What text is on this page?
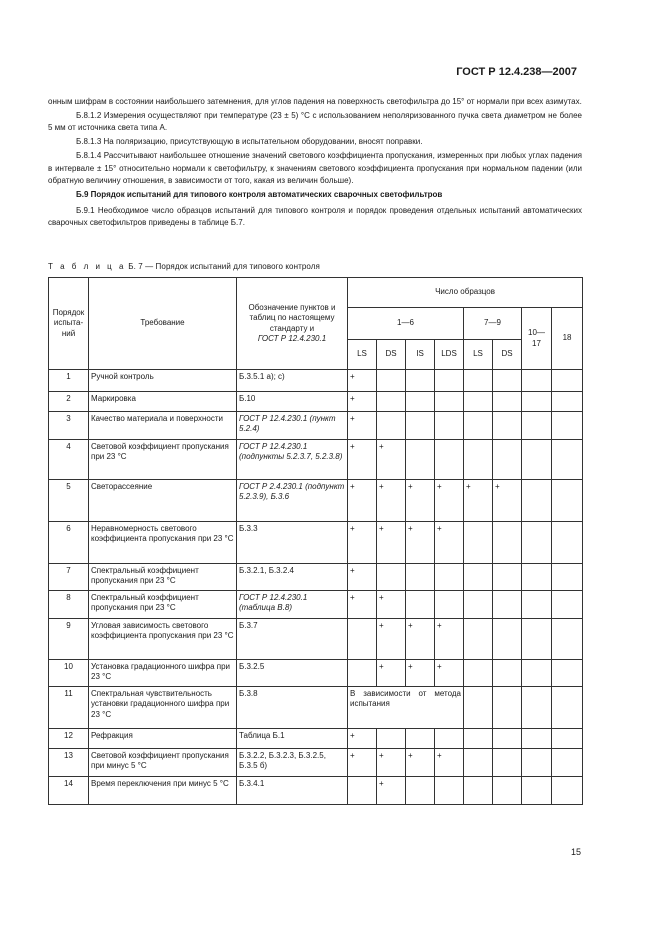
ГОСТ Р 12.4.238—2007

онным шифрам в состоянии наибольшего затемнения, для углов падения на поверхность светофильтра до 15° от нормали при всех азимутах.

Б.8.1.2 Измерения осуществляют при температуре (23 ± 5) °С с использованием неполяризованного пучка света диаметром не более 5 мм от источника света типа А.

Б.8.1.3 На поляризацию, присутствующую в испытательном оборудовании, вносят поправки.

Б.8.1.4 Рассчитывают наибольшее отношение значений светового коэффициента пропускания, измеренных при любых углах падения в интервале ± 15° относительно нормали к светофильтру, к значениям светового коэффициента пропускания при нормальном падении (или обратную величину отношения, в зависимости от того, какая из величин больше).

Б.9 Порядок испытаний для типового контроля автоматических сварочных светофильтров

Б.9.1 Необходимое число образцов испытаний для типового контроля и порядок проведения отдельных испытаний автоматических сварочных светофильтров приведены в таблице Б.7.

Т а б л и ц а Б. 7 — Порядок испытаний для типового контроля
Порядок испыта-ний	Требование	Обозначение пунктов и таблиц по настоящему стандарту и
ГОСТ Р 12.4.230.1	Число образцов							
			1—6				7—9		10—17	18
			LS	DS	IS	LDS	LS	DS		
1	Ручной контроль	Б.3.5.1 а); с)	+							
2	Маркировка	Б.10	+							
3	Качество материала и поверхности	ГОСТ Р 12.4.230.1 (пункт 5.2.4)	+							
4	Световой коэффициент пропускания при 23 °С	ГОСТ Р 12.4.230.1 (подпункты 5.2.3.7, 5.2.3.8)	+	+						
5	Светорассеяние	ГОСТ Р 2.4.230.1 (подпункт 5.2.3.9), Б.3.6	+	+	+	+	+	+		
6	Неравномерность светового коэффициента пропускания при 23 °С	Б.3.3	+	+	+	+				
7	Спектральный коэффициент пропускания при 23 °С	Б.3.2.1, Б.3.2.4	+							
8	Спектральный коэффициент пропускания при 23 °С	ГОСТ Р 12.4.230.1 (таблица В.8)	+	+						
9	Угловая зависимость светового коэффициента пропускания при 23 °С	Б.3.7		+	+	+				
10	Установка градационного шифра при 23 °С	Б.3.2.5		+	+	+				
11	Спектральная чувствительность установки градационного шифра при 23 °С	Б.3.8	В зависимости от метода испытания							
12	Рефракция	Таблица Б.1	+							
13	Световой коэффициент пропускания при минус 5 °С	Б.3.2.2, Б.3.2.3, Б.3.2.5, Б.3.5 б)	+	+	+	+				
14	Время переключения при минус 5 °С	Б.3.4.1		+						
15
